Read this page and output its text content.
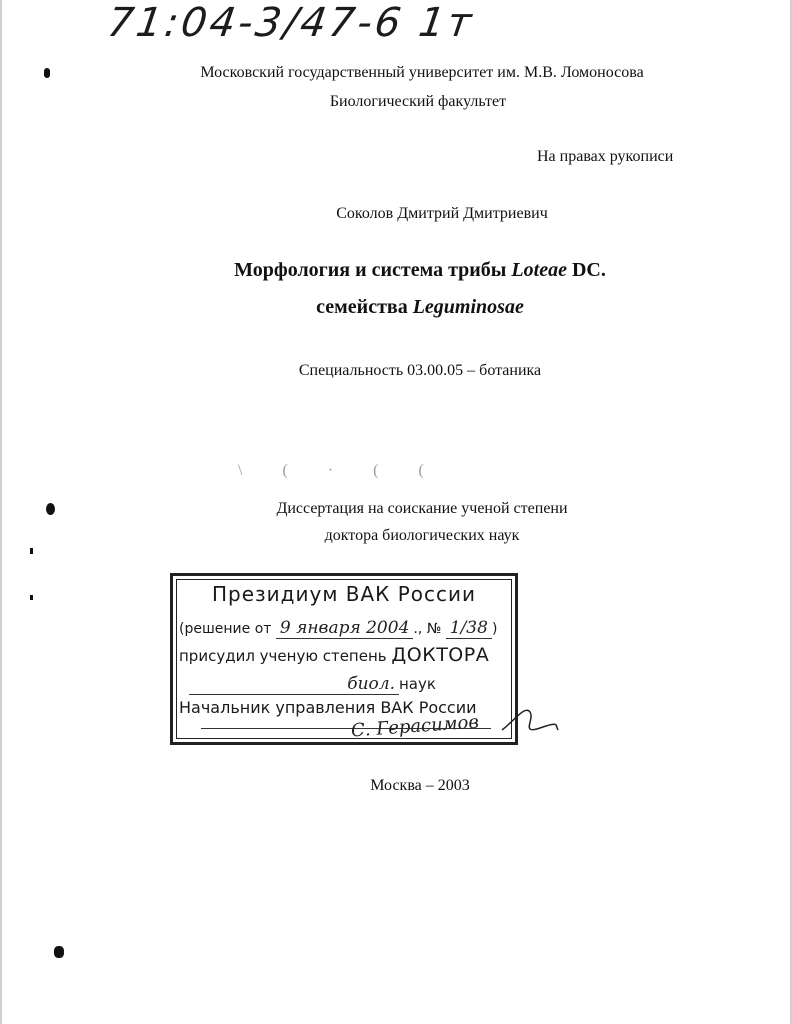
71:04-3/47-6 1т
Московский государственный университет им. М.В. Ломоносова
Биологический факультет
На правах рукописи
Соколов Дмитрий Дмитриевич
Морфология и система трибы Loteae DC.
семейства Leguminosae
Специальность 03.00.05 – ботаника
\ ( · ( (
Диссертация на соискание ученой степени
доктора биологических наук
Президиум ВАК России
(решение от 9 января 2004 ., № 1/38 )
присудил ученую степень ДОКТОРА
биол. наук
Начальник управления ВАК России
С. Герасимов
Москва – 2003
